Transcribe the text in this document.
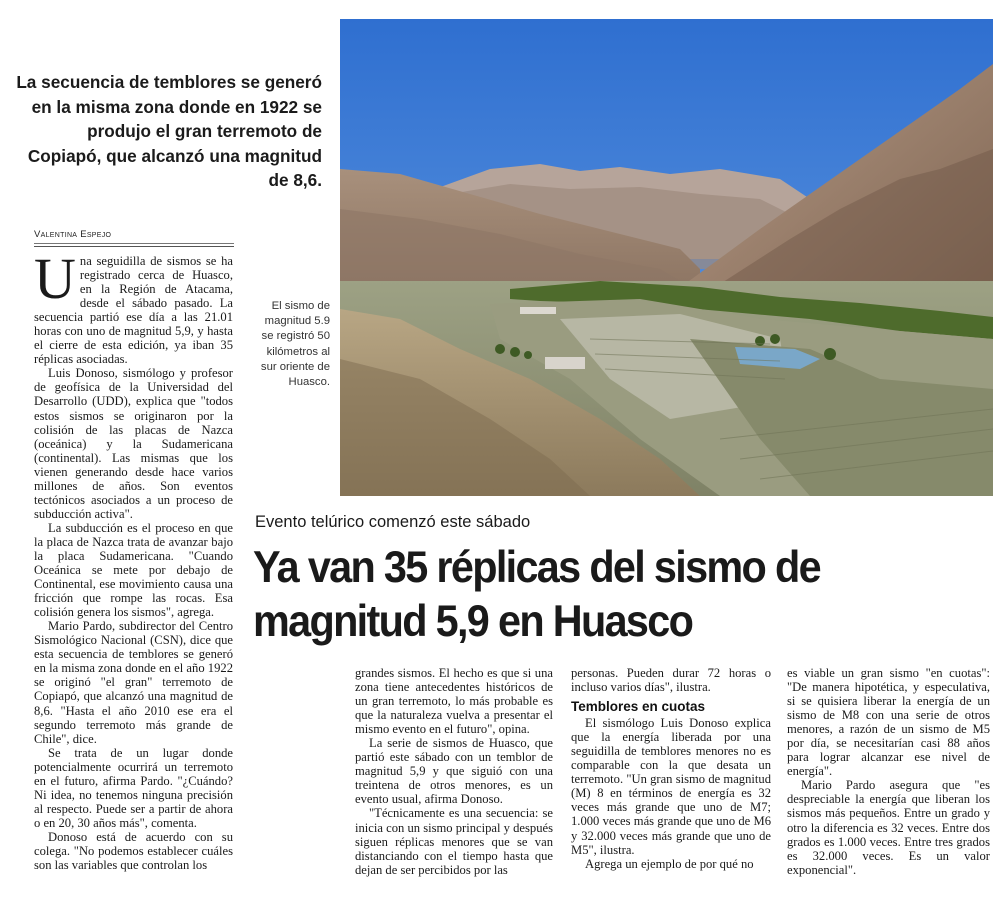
La secuencia de temblores se generó en la misma zona donde en 1922 se produjo el gran terremoto de Copiapó, que alcanzó una magnitud de 8,6.
Valentina Espejo

Una seguidilla de sismos se ha registrado cerca de Huasco, en la Región de Atacama, desde el sábado pasado. La secuencia partió ese día a las 21.01 horas con uno de magnitud 5,9, y hasta el cierre de esta edición, ya iban 35 réplicas asociadas.

Luis Donoso, sismólogo y profesor de geofísica de la Universidad del Desarrollo (UDD), explica que "todos estos sismos se originaron por la colisión de las placas de Nazca (oceánica) y la Sudamericana (continental). Las mismas que los vienen generando desde hace varios millones de años. Son eventos tectónicos asociados a un proceso de subducción activa".

La subducción es el proceso en que la placa de Nazca trata de avanzar bajo la placa Sudamericana. "Cuando Oceánica se mete por debajo de Continental, ese movimiento causa una fricción que rompe las rocas. Esa colisión genera los sismos", agrega.

Mario Pardo, subdirector del Centro Sismológico Nacional (CSN), dice que esta secuencia de temblores se generó en la misma zona donde en el año 1922 se originó "el gran" terremoto de Copiapó, que alcanzó una magnitud de 8,6. "Hasta el año 2010 ese era el segundo terremoto más grande de Chile", dice.

Se trata de un lugar donde potencialmente ocurrirá un terremoto en el futuro, afirma Pardo. "¿Cuándo? Ni idea, no tenemos ninguna precisión al respecto. Puede ser a partir de ahora o en 20, 30 años más", comenta.

Donoso está de acuerdo con su colega. "No podemos establecer cuáles son las variables que controlan los

El sismo de magnitud 5.9 se registró 50 kilómetros al sur oriente de Huasco.
Evento telúrico comenzó este sábado
Ya van 35 réplicas del sismo de magnitud 5,9 en Huasco

grandes sismos. El hecho es que si una zona tiene antecedentes históricos de un gran terremoto, lo más probable es que la naturaleza vuelva a presentar el mismo evento en el futuro", opina.

La serie de sismos de Huasco, que partió este sábado con un temblor de magnitud 5,9 y que siguió con una treintena de otros menores, es un evento usual, afirma Donoso.

"Técnicamente es una secuencia: se inicia con un sismo principal y después siguen réplicas menores que se van distanciando con el tiempo hasta que dejan de ser percibidos por las

personas. Pueden durar 72 horas o incluso varios días", ilustra.

Temblores en cuotas

El sismólogo Luis Donoso explica que la energía liberada por una seguidilla de temblores menores no es comparable con la que desata un terremoto. "Un gran sismo de magnitud (M) 8 en términos de energía es 32 veces más grande que uno de M7; 1.000 veces más grande que uno de M6 y 32.000 veces más grande que uno de M5", ilustra.

Agrega un ejemplo de por qué no

es viable un gran sismo "en cuotas": "De manera hipotética, y especulativa, si se quisiera liberar la energía de un sismo de M8 con una serie de otros menores, a razón de un sismo de M5 por día, se necesitarían casi 88 años para lograr alcanzar ese nivel de energía".

Mario Pardo asegura que "es despreciable la energía que liberan los sismos más pequeños. Entre un grado y otro la diferencia es 32 veces. Entre dos grados es 1.000 veces. Entre tres grados es 32.000 veces. Es un valor exponencial".
